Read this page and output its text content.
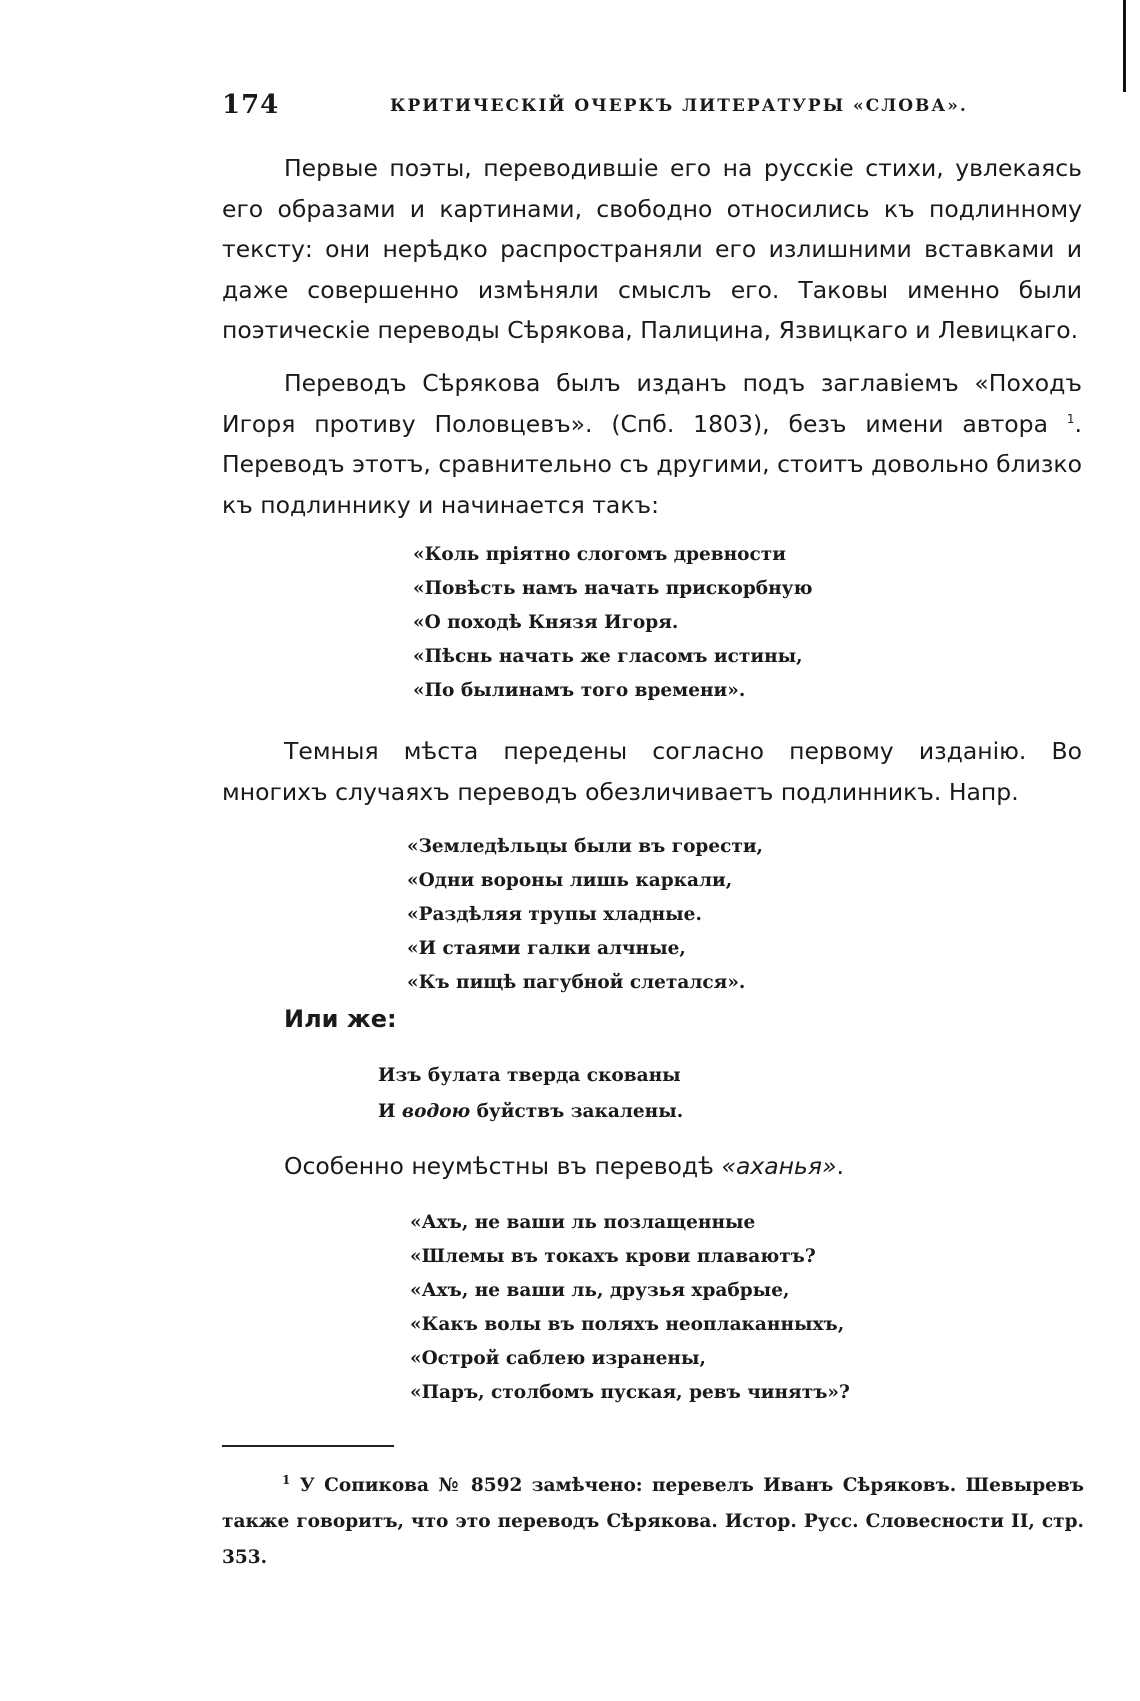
174	КРИТИЧЕСКІЙ ОЧЕРКЪ ЛИТЕРАТУРЫ «СЛОВА».

Первые поэты, переводившіе его на русскіе стихи, увлекаясь его образами и картинами, свободно относились къ подлинному тексту: они нерѣдко распространяли его излишними вставками и даже совершенно измѣняли смыслъ его. Таковы именно были поэтическіе переводы Сѣрякова, Палицина, Язвицкаго и Левицкаго.

Переводъ Сѣрякова былъ изданъ подъ заглавіемъ «Походъ Игоря противу Половцевъ». (Спб. 1803), безъ имени автора $^1$. Переводъ этотъ, сравнительно съ другими, стоитъ довольно близко къ подлиннику и начинается такъ:

«Коль пріятно слогомъ древности
«Повѣсть намъ начать прискорбную
«О походѣ Князя Игоря.
«Пѣснь начать же гласомъ истины,
«По былинамъ того времени».

Темныя мѣста передены согласно первому изданію. Во многихъ случаяхъ переводъ обезличиваетъ подлинникъ. Напр.

«Земледѣльцы были въ горести,
«Одни вороны лишь каркали,
«Раздѣляя трупы хладные.
«И стаями галки алчные,
«Къ пищѣ пагубной слетался».

Или же:

Изъ булата тверда скованы
И водою буйствъ закалены.

Особенно неумѣстны въ переводѣ «аханья».

«Ахъ, не ваши ль позлащенные
«Шлемы въ токахъ крови плаваютъ?
«Ахъ, не ваши ль, друзья храбрые,
«Какъ волы въ поляхъ неоплаканныхъ,
«Острой саблею изранены,
«Паръ, столбомъ пуская, ревъ чинятъ»?

$^1$ У Сопикова № 8592 замѣчено: перевелъ Иванъ Сѣряковъ. Шевыревъ также говоритъ, что это переводъ Сѣрякова. Истор. Русс. Словесности II, стр. 353.
